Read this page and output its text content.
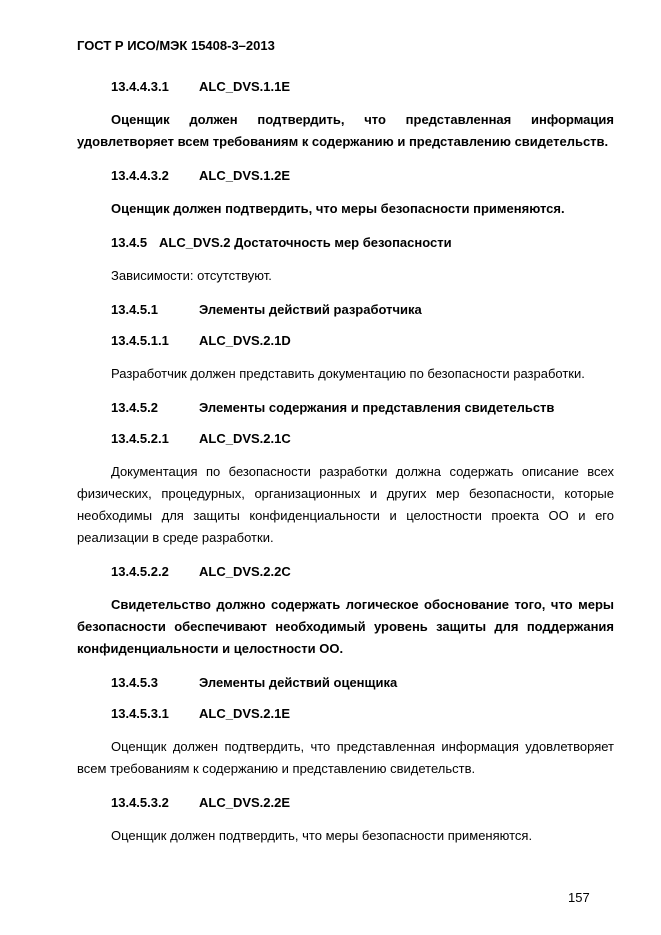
ГОСТ Р ИСО/МЭК 15408-3–2013
13.4.4.3.1 ALC_DVS.1.1E
Оценщик должен подтвердить, что представленная информация удовлетворяет всем требованиям к содержанию и представлению свидетельств.
13.4.4.3.2 ALC_DVS.1.2E
Оценщик должен подтвердить, что меры безопасности применяются.
13.4.5 ALC_DVS.2 Достаточность мер безопасности
Зависимости: отсутствуют.
13.4.5.1	Элементы действий разработчика
13.4.5.1.1 ALC_DVS.2.1D
Разработчик должен представить документацию по безопасности разработки.
13.4.5.2	Элементы содержания и представления свидетельств
13.4.5.2.1 ALC_DVS.2.1C
Документация по безопасности разработки должна содержать описание всех физических, процедурных, организационных и других мер безопасности, которые необходимы для защиты конфиденциальности и целостности проекта ОО и его реализации в среде разработки.
13.4.5.2.2 ALC_DVS.2.2C
Свидетельство должно содержать логическое обоснование того, что меры безопасности обеспечивают необходимый уровень защиты для поддержания конфиденциальности и целостности ОО.
13.4.5.3	Элементы действий оценщика
13.4.5.3.1 ALC_DVS.2.1E
Оценщик должен подтвердить, что представленная информация удовлетворяет всем требованиям к содержанию и представлению свидетельств.
13.4.5.3.2 ALC_DVS.2.2E
Оценщик должен подтвердить, что меры безопасности применяются.
157
